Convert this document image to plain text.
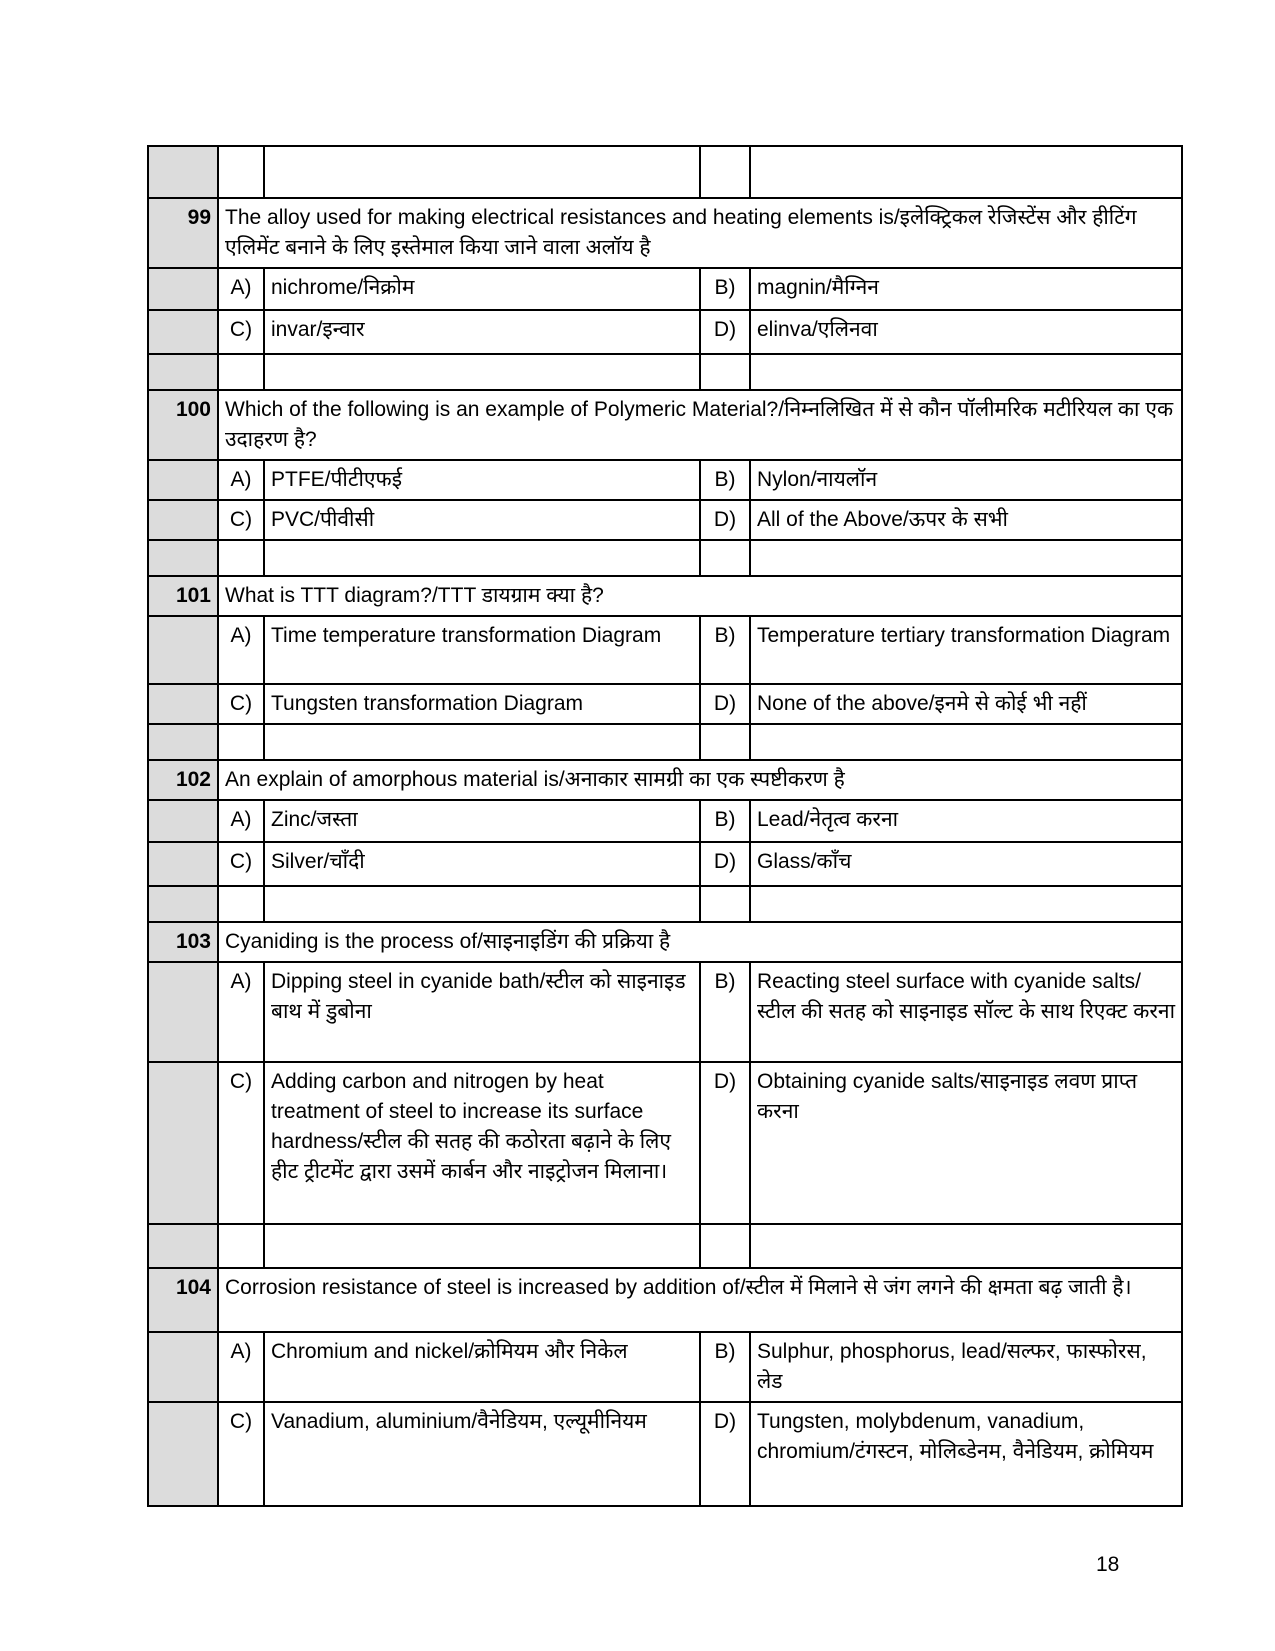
99	The alloy used for making electrical resistances and heating elements is/इलेक्ट्रिकल रेजिस्टेंस और हीटिंग एलिमेंट बनाने के लिए इस्तेमाल किया जाने वाला अलॉय है			
	A)	nichrome/निक्रोम	B)	magnin/मैग्निन
	C)	invar/इन्वार	D)	elinva/एलिनवा

100	Which of the following is an example of Polymeric Material?/निम्नलिखित में से कौन पॉलीमरिक मटीरियल का एक उदाहरण है?			
	A)	PTFE/पीटीएफई	B)	Nylon/नायलॉन
	C)	PVC/पीवीसी	D)	All of the Above/ऊपर के सभी

101	What is TTT diagram?/TTT डायग्राम क्या है?			
	A)	Time temperature transformation Diagram	B)	Temperature tertiary transformation Diagram
	C)	Tungsten transformation Diagram	D)	None of the above/इनमे से कोई भी नहीं

102	An explain of amorphous material is/अनाकार सामग्री का एक स्पष्टीकरण है			
	A)	Zinc/जस्ता	B)	Lead/नेतृत्व करना
	C)	Silver/चाँदी	D)	Glass/काँच

103	Cyaniding is the process of/साइनाइडिंग की प्रक्रिया है			
	A)	Dipping steel in cyanide bath/स्टील को साइनाइड बाथ में डुबोना	B)	Reacting steel surface with cyanide salts/स्टील की सतह को साइनाइड सॉल्ट के साथ रिएक्ट करना
	C)	Adding carbon and nitrogen by heat treatment of steel to increase its surface hardness/स्टील की सतह की कठोरता बढ़ाने के लिए हीट ट्रीटमेंट द्वारा उसमें कार्बन और नाइट्रोजन मिलाना।	D)	Obtaining cyanide salts/साइनाइड लवण प्राप्त करना

104	Corrosion resistance of steel is increased by addition of/स्टील में मिलाने से जंग लगने की क्षमता बढ़ जाती है।			
	A)	Chromium and nickel/क्रोमियम और निकेल	B)	Sulphur, phosphorus, lead/सल्फर, फास्फोरस, लेड
	C)	Vanadium, aluminium/वैनेडियम, एल्यूमीनियम	D)	Tungsten, molybdenum, vanadium, chromium/टंगस्टन, मोलिब्डेनम, वैनेडियम, क्रोमियम
18
